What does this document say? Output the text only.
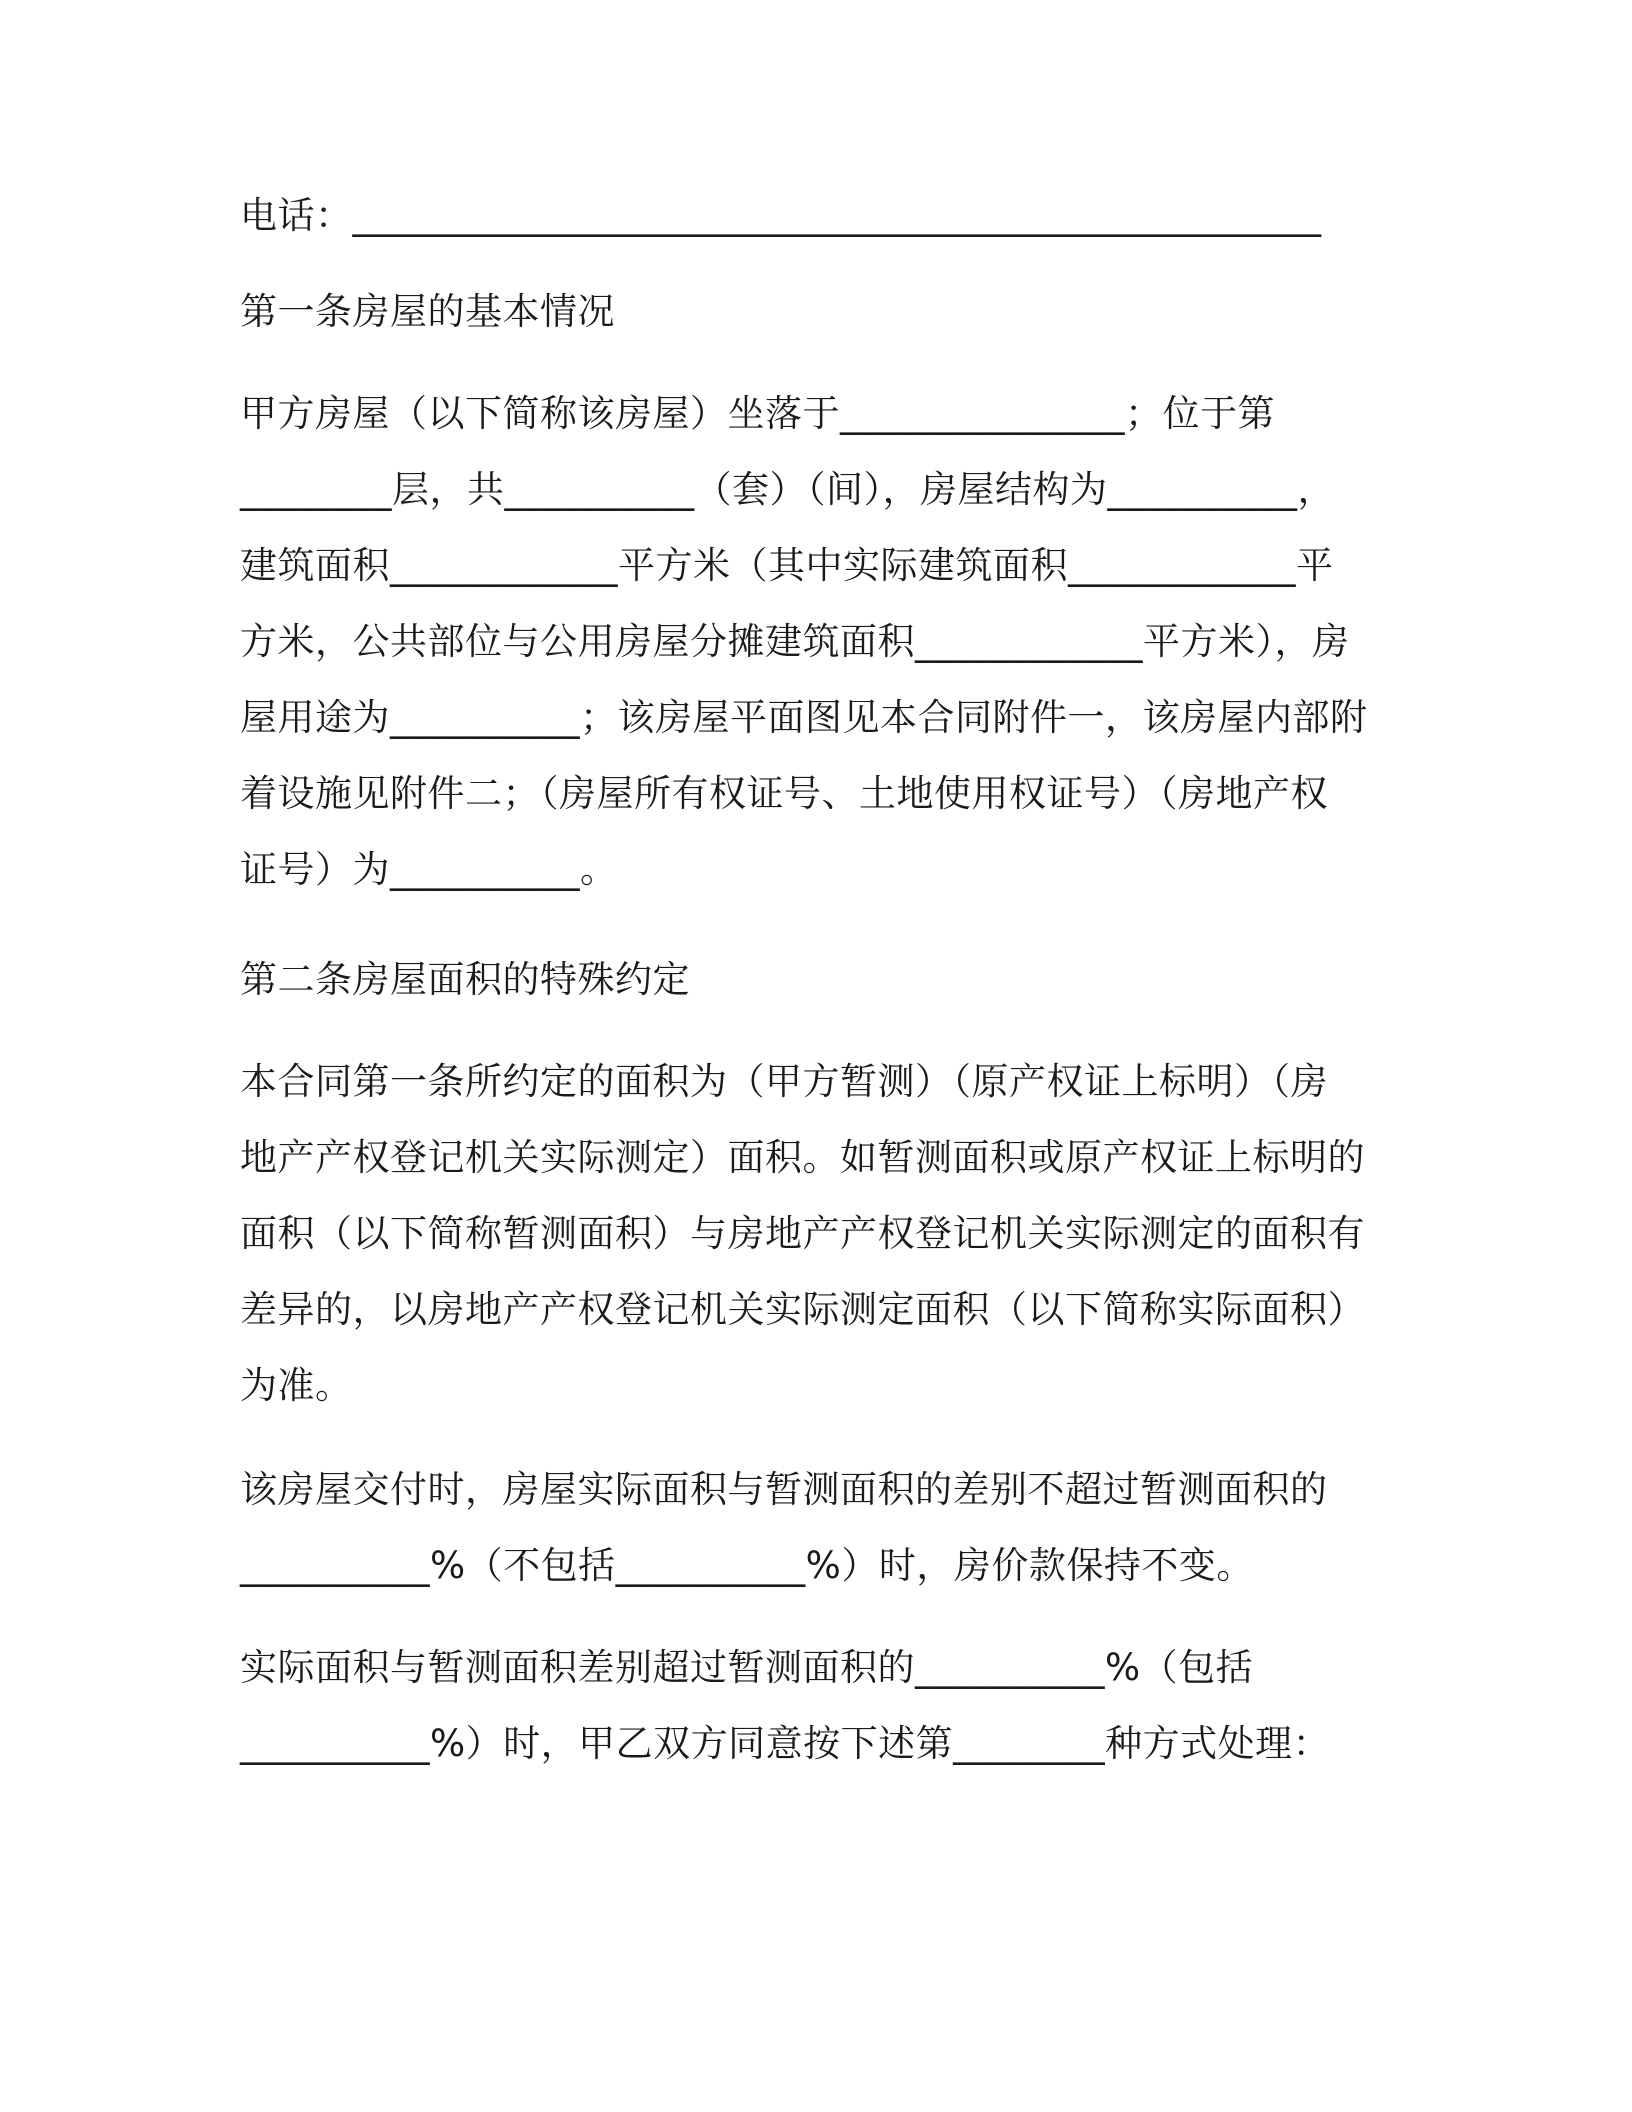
电话：___________________________________________________
第一条房屋的基本情况
甲方房屋（以下简称该房屋）坐落于_______________；位于第
________层，共__________（套）（间），房屋结构为__________，
建筑面积____________平方米（其中实际建筑面积____________平
方米，公共部位与公用房屋分摊建筑面积____________平方米），房
屋用途为__________；该房屋平面图见本合同附件一，该房屋内部附
着设施见附件二；（房屋所有权证号、土地使用权证号）（房地产权
证号）为__________。
第二条房屋面积的特殊约定
本合同第一条所约定的面积为（甲方暂测）（原产权证上标明）（房
地产产权登记机关实际测定）面积。如暂测面积或原产权证上标明的
面积（以下简称暂测面积）与房地产产权登记机关实际测定的面积有
差异的，以房地产产权登记机关实际测定面积（以下简称实际面积）
为准。
该房屋交付时，房屋实际面积与暂测面积的差别不超过暂测面积的
__________%（不包括__________%）时，房价款保持不变。
实际面积与暂测面积差别超过暂测面积的__________%（包括
__________%）时，甲乙双方同意按下述第________种方式处理：
